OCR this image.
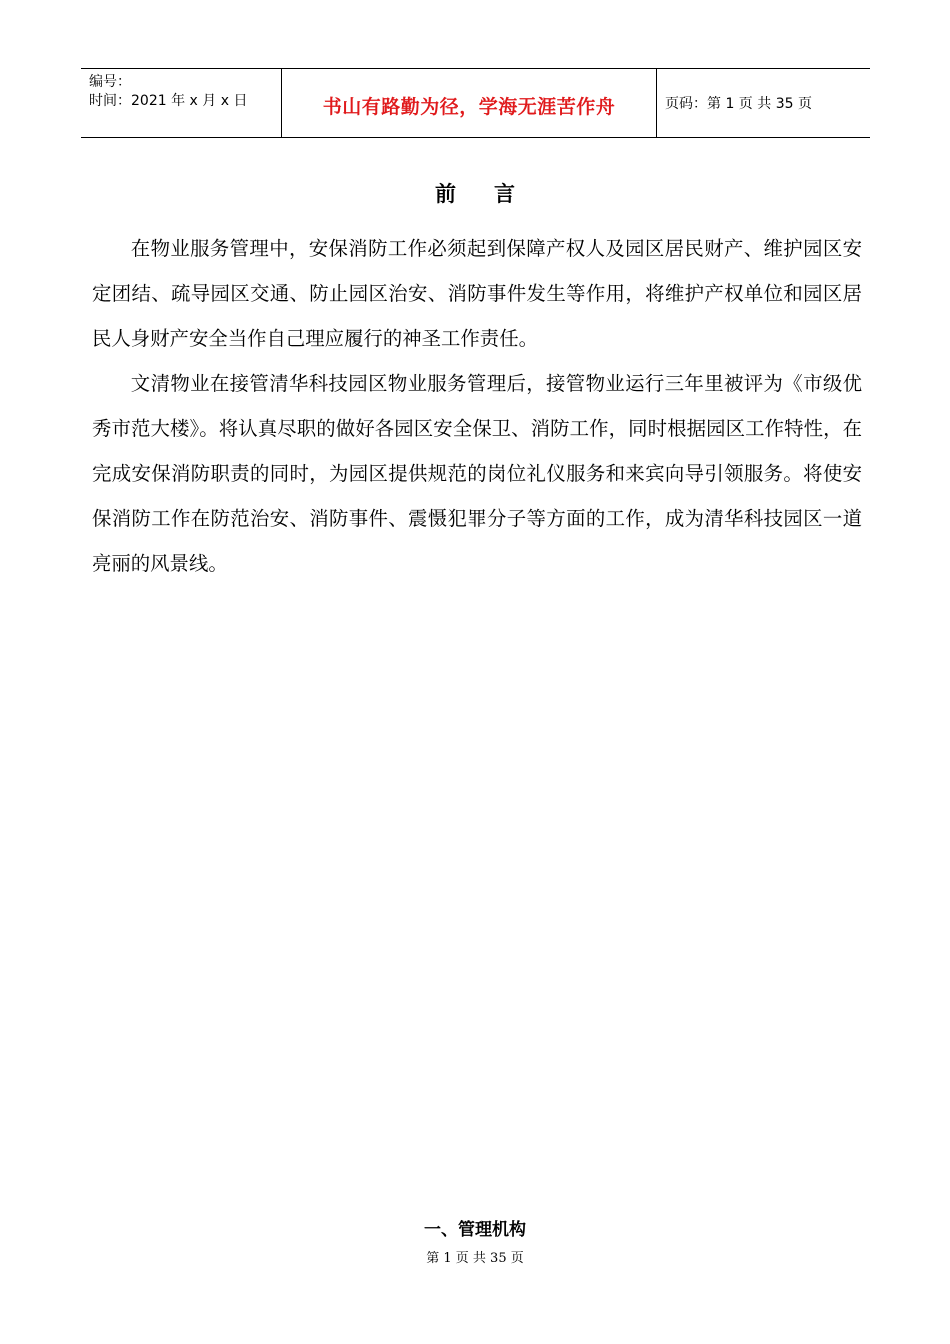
编号：
时间：2021 年 x 月 x 日	书山有路勤为径，学海无涯苦作舟	页码：第 1 页 共 35 页
前言

在物业服务管理中，安保消防工作必须起到保障产权人及园区居民财产、维护园区安定团结、疏导园区交通、防止园区治安、消防事件发生等作用，将维护产权单位和园区居民人身财产安全当作自己理应履行的神圣工作责任。

文清物业在接管清华科技园区物业服务管理后，接管物业运行三年里被评为《市级优秀市范大楼》。将认真尽职的做好各园区安全保卫、消防工作，同时根据园区工作特性，在完成安保消防职责的同时，为园区提供规范的岗位礼仪服务和来宾向导引领服务。将使安保消防工作在防范治安、消防事件、震慑犯罪分子等方面的工作，成为清华科技园区一道亮丽的风景线。

一、管理机构
第 1 页 共 35 页
